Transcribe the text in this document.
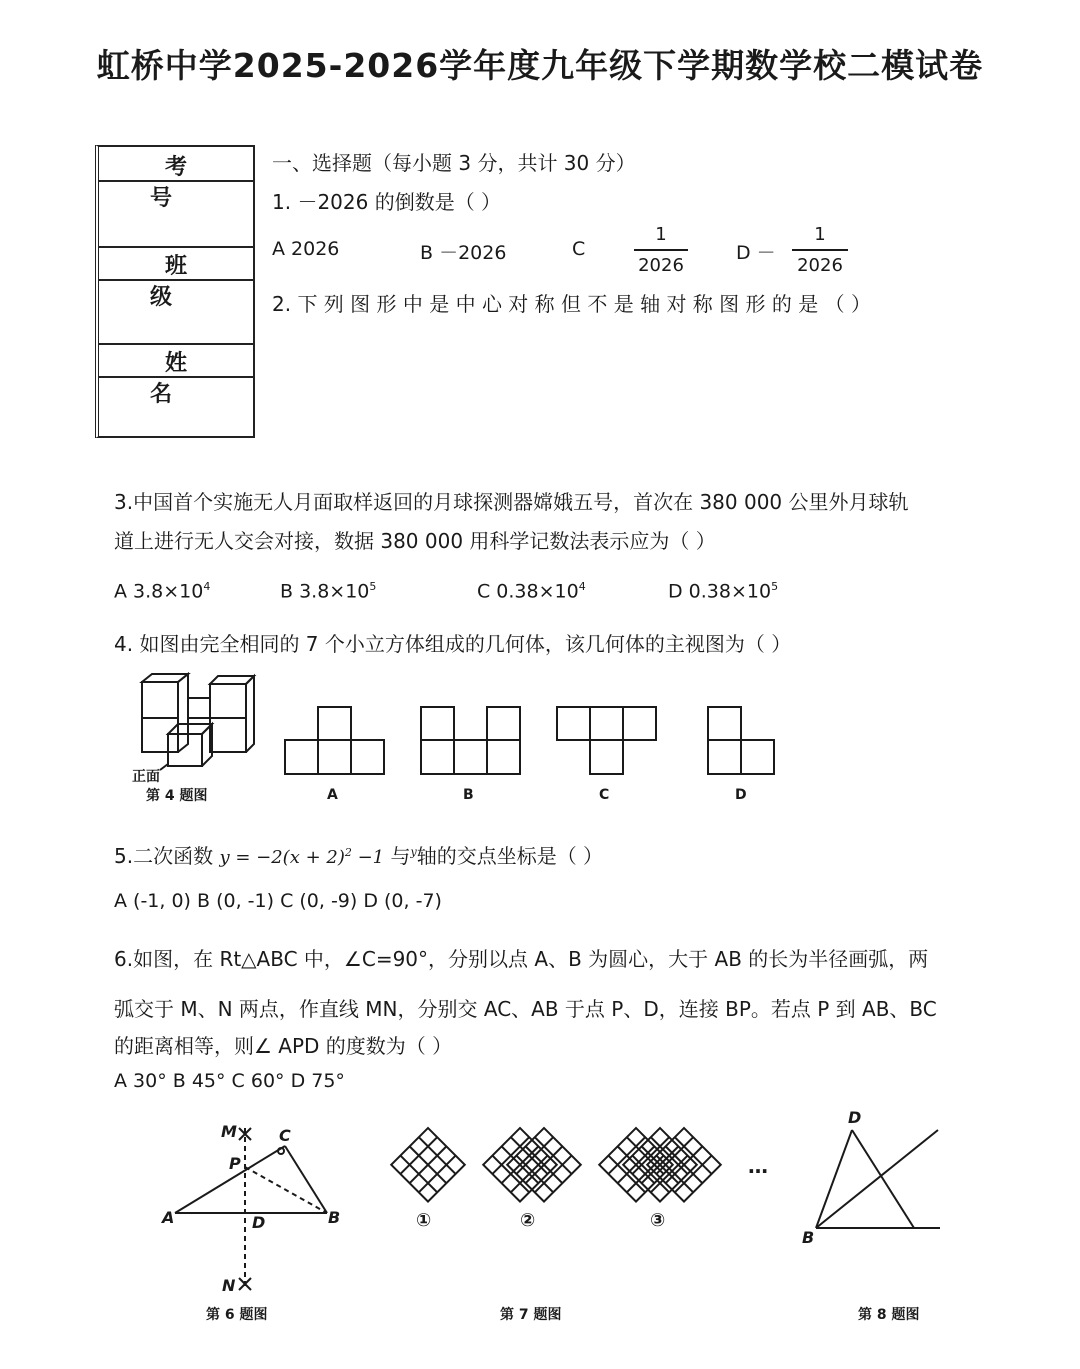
虹桥中学2025-2026学年度九年级下学期数学校二模试卷
考 号
班 级
姓 名
一、选择题（每小题 3 分，共计 30 分）
1. －2026 的倒数是（ ）
A 2026	B －2026	C
1
2026
D －
1
2026
2. 下 列 图 形 中 是 中 心 对 称 但 不 是 轴 对 称 图 形 的 是 （ ）
3.中国首个实施无人月面取样返回的月球探测器嫦娥五号，首次在 380 000 公里外月球轨
道上进行无人交会对接，数据 380 000 用科学记数法表示应为（ ）
A $3.8\times 10^4$	B $3.8\times 10^5$	C $0.38\times 10^4$	D $0.38\times 10^5$
4. 如图由完全相同的 7 个小立方体组成的几何体，该几何体的主视图为（ ）
正面
第 4 题图	A	B	C	D
5.二次函数 $y = -2(x + 2)^2 -1$ 与$^y$轴的交点坐标是（ ）
A (-1, 0) B (0, -1) C (0, -9) D (0, -7)
6.如图，在 Rt△ABC 中，∠C=90°，分别以点 A、B 为圆心，大于 AB 的长为半径画弧，两
弧交于 M、N 两点，作直线 MN，分别交 AC、AB 于点 P、D，连接 BP。若点 P 到 AB、BC
的距离相等，则∠ APD 的度数为（ ）
A 30° B 45° C 60° D 75°
M	C
P
A	D	B
N
第 6 题图
①	②	③
…
第 7 题图
D
B
第 8 题图
